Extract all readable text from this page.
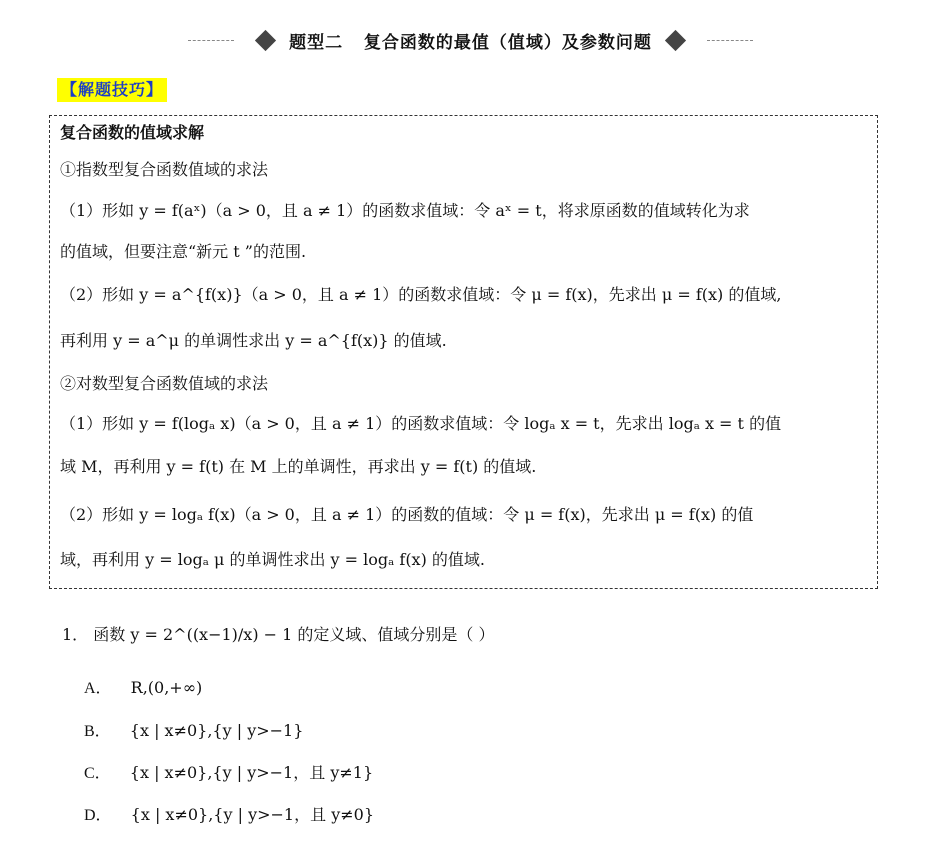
题型二   复合函数的最值（值域）及参数问题
【解题技巧】
复合函数的值域求解
①指数型复合函数值域的求法
（1）形如 y = f(aˣ)（a > 0，且 a ≠ 1）的函数求值域：令 aˣ = t，将求原函数的值域转化为求
的值域，但要注意“新元 t ”的范围.
（2）形如 y = a^{f(x)}（a > 0，且 a ≠ 1）的函数求值域：令 μ = f(x)，先求出 μ = f(x) 的值域,
再利用 y = a^μ 的单调性求出 y = a^{f(x)} 的值域.
②对数型复合函数值域的求法
（1）形如 y = f(logₐ x)（a > 0，且 a ≠ 1）的函数求值域：令 logₐ x = t，先求出 logₐ x = t 的值
域 M，再利用 y = f(t) 在 M 上的单调性，再求出 y = f(t) 的值域.
（2）形如 y = logₐ f(x)（a > 0，且 a ≠ 1）的函数的值域：令 μ = f(x)，先求出 μ = f(x) 的值
域，再利用 y = logₐ μ 的单调性求出 y = logₐ f(x) 的值域.
1． 函数 y = 2^((x−1)/x) − 1 的定义域、值域分别是（ ）
A． R,(0,+∞)
B． {x | x≠0},{y | y>−1}
C． {x | x≠0},{y | y>−1，且 y≠1}
D． {x | x≠0},{y | y>−1，且 y≠0}
